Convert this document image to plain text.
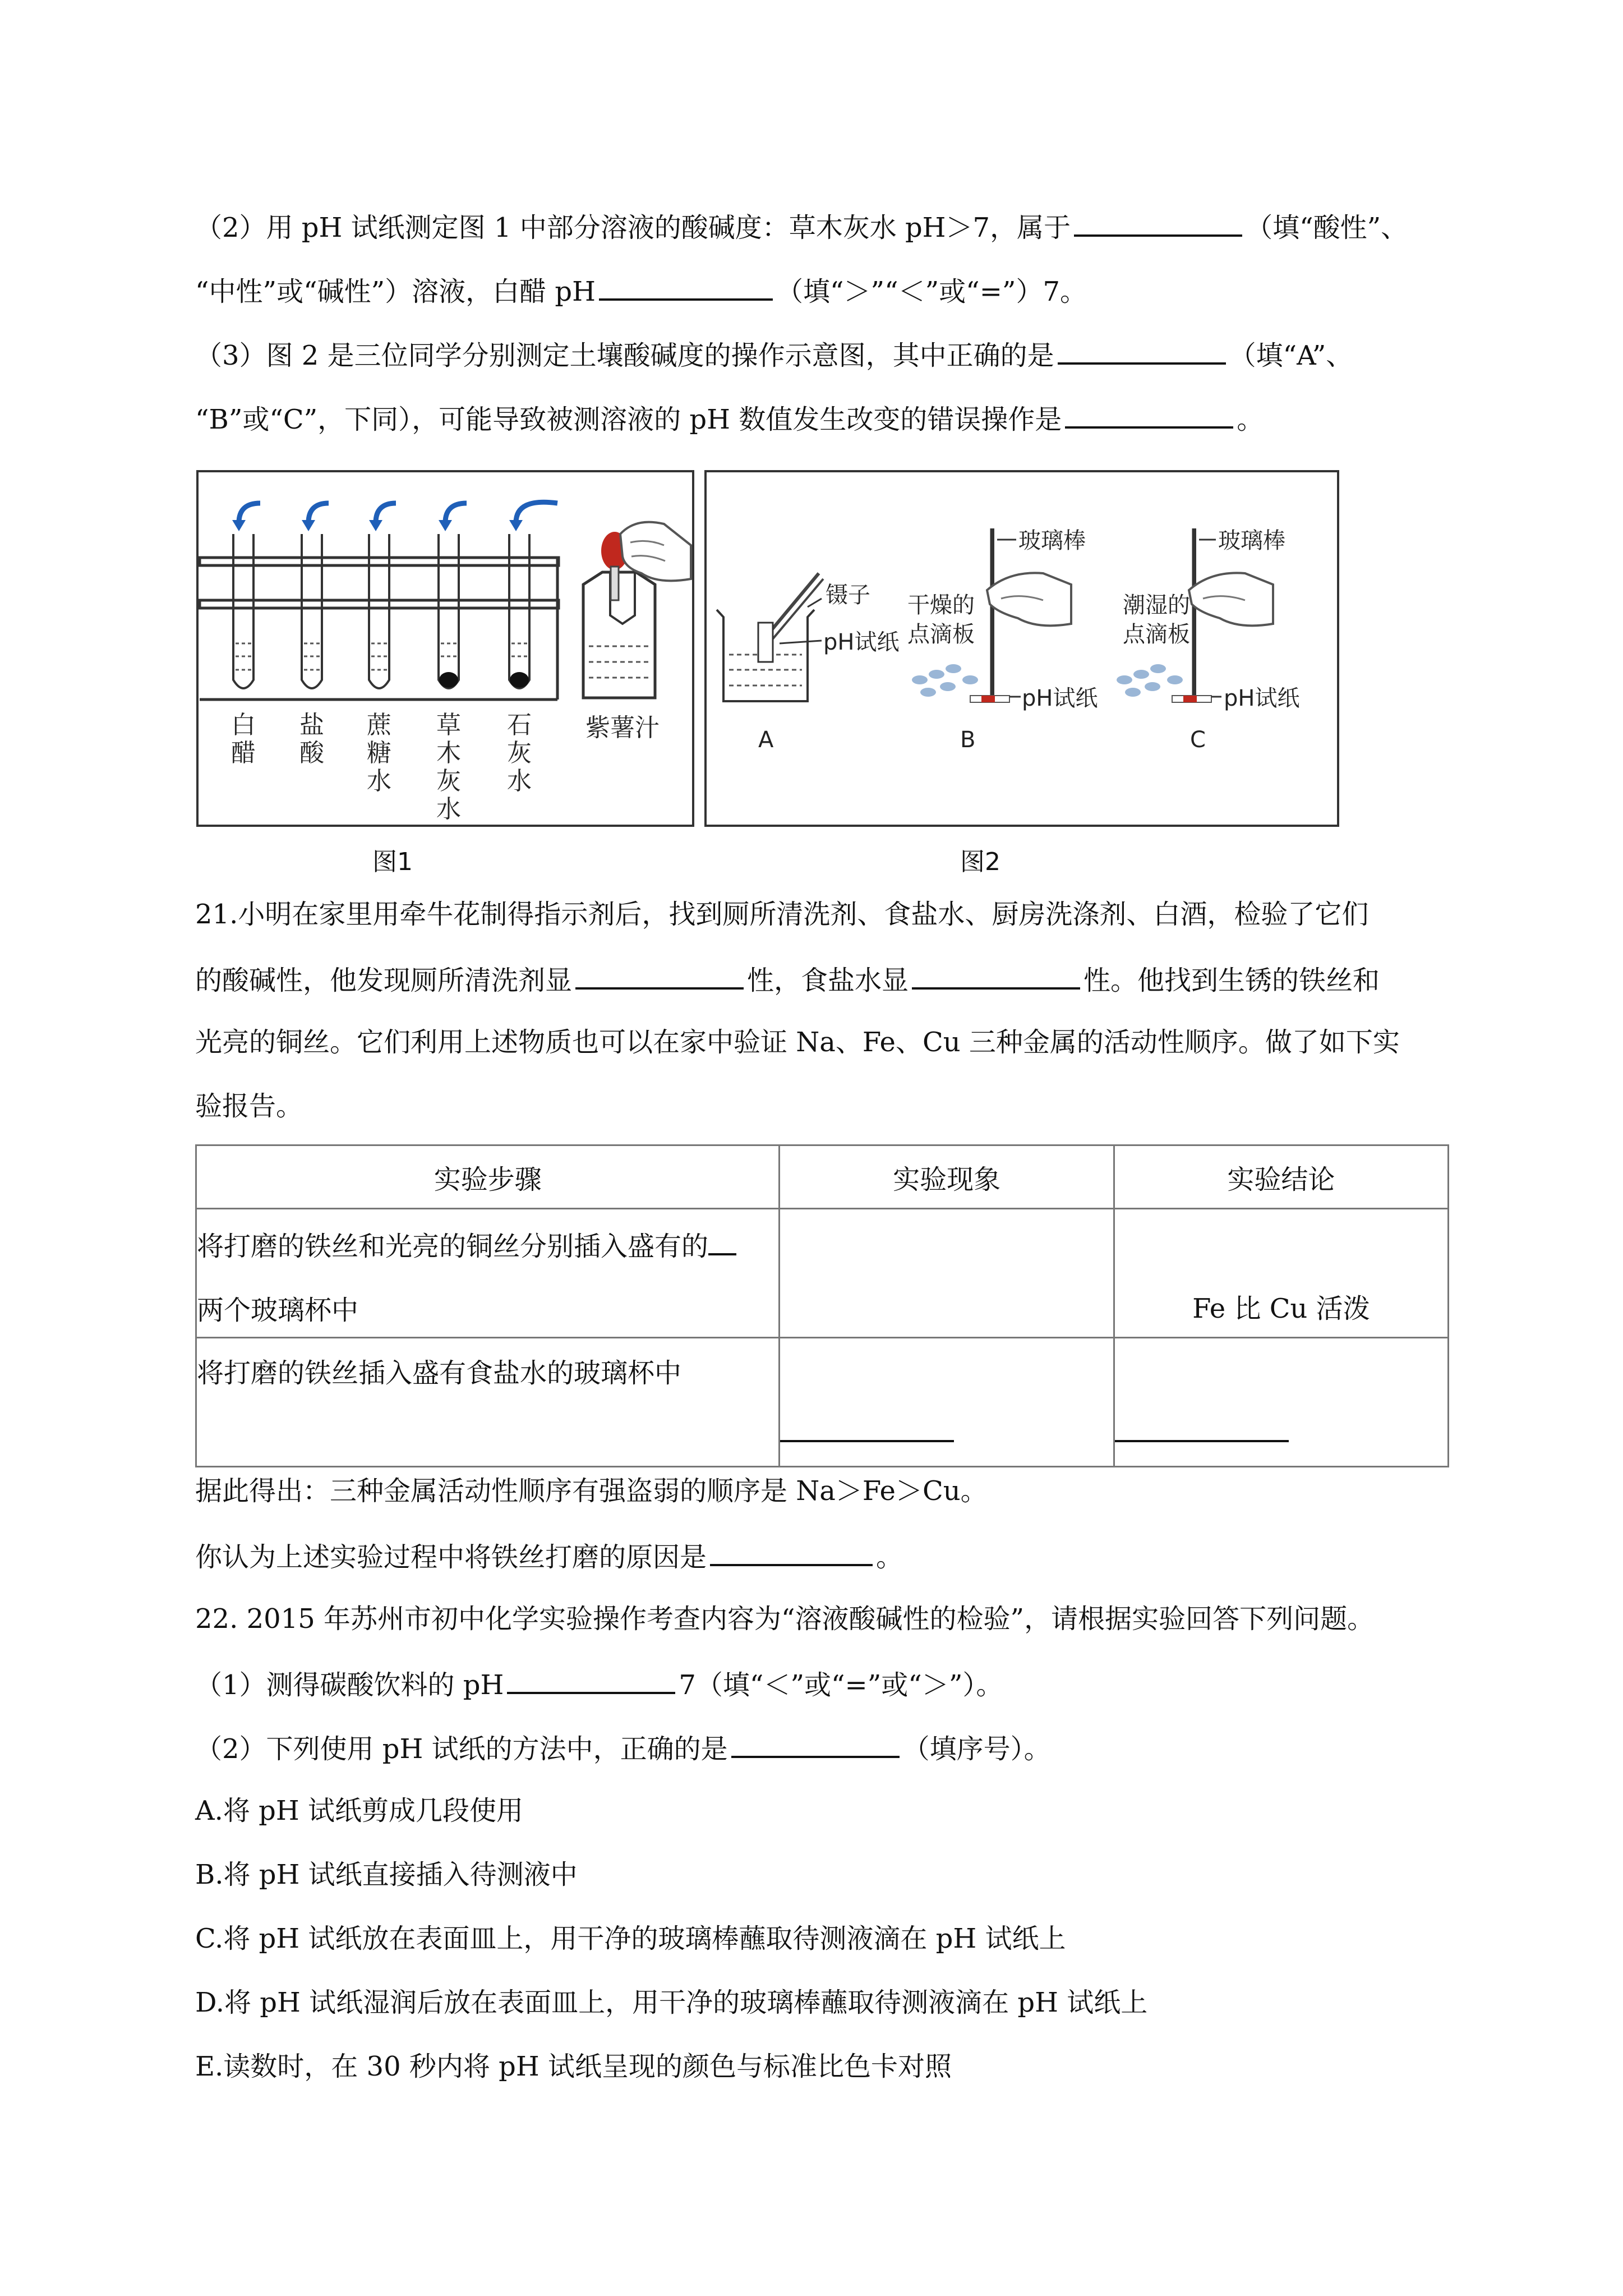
（2）用 pH 试纸测定图 1 中部分溶液的酸碱度：草木灰水 pH＞7，属于	（填“酸性”、
“中性”或“碱性”）溶液，白醋 pH	（填“＞”“＜”或“=”）7。
（3）图 2 是三位同学分别测定土壤酸碱度的操作示意图，其中正确的是	（填“A”、
“B”或“C”，下同），可能导致被测溶液的 pH 数值发生改变的错误操作是	。
白
醋
盐
酸
蔗
糖
水
草
木
灰
水
石
灰
水
紫薯汁
图1
镊子
pH试纸
A
玻璃棒
干燥的
点滴板
pH试纸
B
玻璃棒
潮湿的
点滴板
pH试纸
C
图2
21.小明在家里用牵牛花制得指示剂后，找到厕所清洗剂、食盐水、厨房洗涤剂、白酒，检验了它们
的酸碱性，他发现厕所清洗剂显	性，食盐水显	性。他找到生锈的铁丝和
光亮的铜丝。它们利用上述物质也可以在家中验证 Na、Fe、Cu 三种金属的活动性顺序。做了如下实
验报告。
实验步骤	实验现象	实验结论

将打磨的铁丝和光亮的铜丝分别插入盛有的
两个玻璃杯中		Fe 比 Cu 活泼

将打磨的铁丝插入盛有食盐水的玻璃杯中		

据此得出：三种金属活动性顺序有强盗弱的顺序是 Na＞Fe＞Cu。
你认为上述实验过程中将铁丝打磨的原因是	。
22. 2015 年苏州市初中化学实验操作考查内容为“溶液酸碱性的检验”，请根据实验回答下列问题。
（1）测得碳酸饮料的 pH	7（填“＜”或“=”或“＞”）。
（2）下列使用 pH 试纸的方法中，正确的是	（填序号）。
A.将 pH 试纸剪成几段使用
B.将 pH 试纸直接插入待测液中
C.将 pH 试纸放在表面皿上，用干净的玻璃棒蘸取待测液滴在 pH 试纸上
D.将 pH 试纸湿润后放在表面皿上，用干净的玻璃棒蘸取待测液滴在 pH 试纸上
E.读数时，在 30 秒内将 pH 试纸呈现的颜色与标准比色卡对照
